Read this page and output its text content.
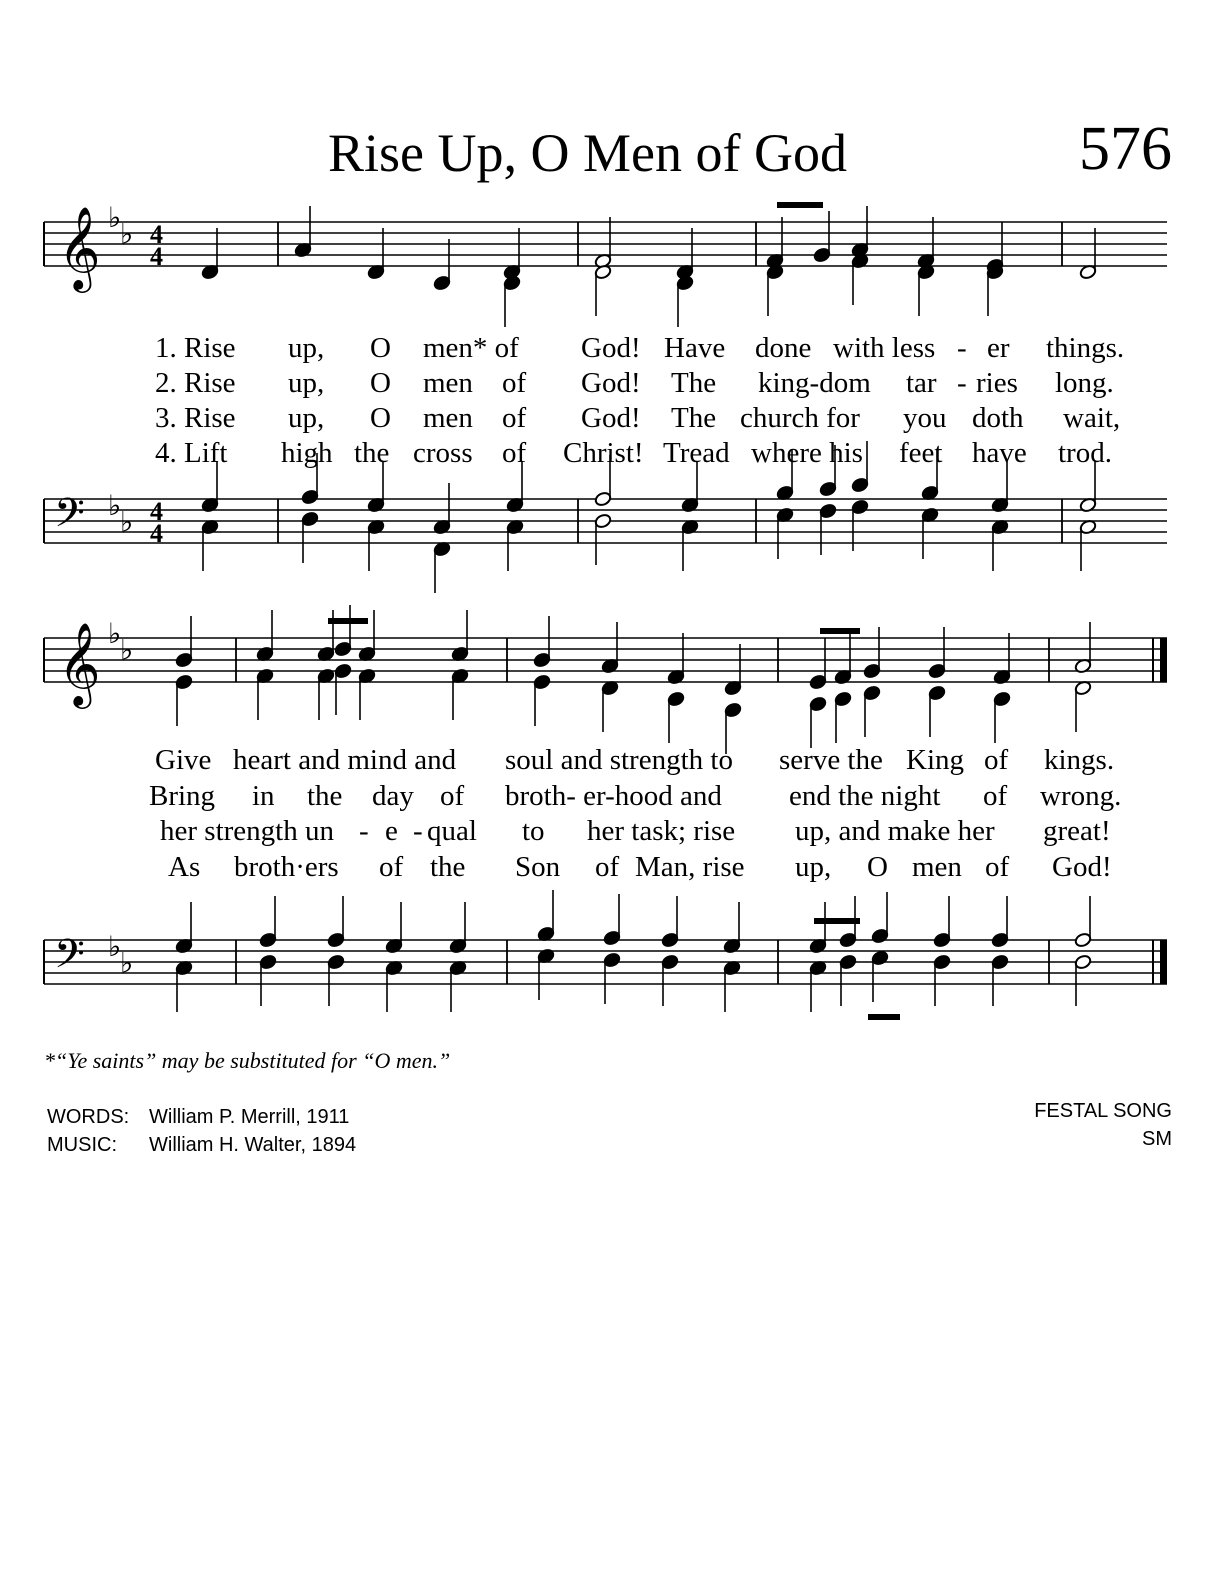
Rise Up, O Men of God	576
𝄞 ♭
♭ 4
4
𝄢 ♭
♭ 4
4
𝄞 ♭
♭
𝄢 ♭
♭
1. Rise up, O men* of God! Have done with less - er things.
2. Rise up, O men of God! The king-dom tar - ries long.
3. Rise up, O men of God! The church for you doth wait,
4. Lift high the cross of Christ! Tread where his feet have trod.
Give heart and mind and soul and strength to serve the King of kings.
Bring in the day of broth- er-hood and end the night of wrong.
her strength un - e - qual to her task; rise up, and make her great!
As broth·ers of the Son of Man, rise up, O men of God!
*“Ye saints” may be substituted for “O men.”
WORDS: William P. Merrill, 1911
MUSIC: William H. Walter, 1894
FESTAL SONG
SM
